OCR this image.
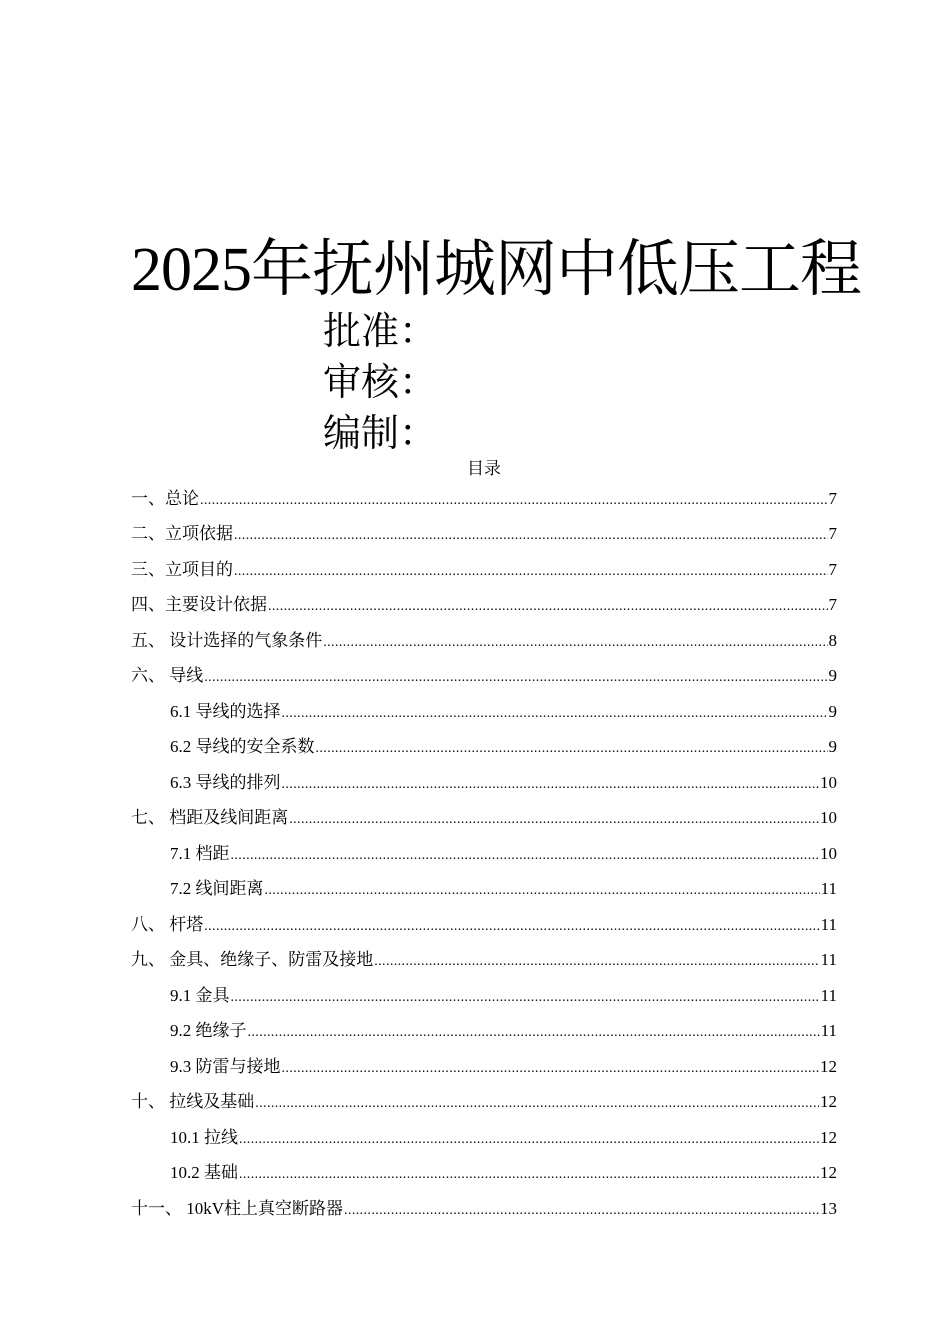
2025年抚州城网中低压工程
批准：
审核：
编制：
目录
一、总论 .....	7
二、立项依据 .....	7
三、立项目的 .....	7
四、主要设计依据 .....	7
五、 设计选择的气象条件 .....	8
六、 导线 .....	9
6.1 导线的选择 .....	9
6.2 导线的安全系数 .....	9
6.3 导线的排列 .....	10
七、 档距及线间距离 .....	10
7.1 档距 .....	10
7.2 线间距离 .....	11
八、 杆塔 .....	11
九、 金具、绝缘子、防雷及接地 .....	11
9.1 金具 .....	11
9.2 绝缘子 .....	11
9.3 防雷与接地 .....	12
十、 拉线及基础 .....	12
10.1 拉线 .....	12
10.2 基础 .....	12
十一、 10kV柱上真空断路器 .....	13
